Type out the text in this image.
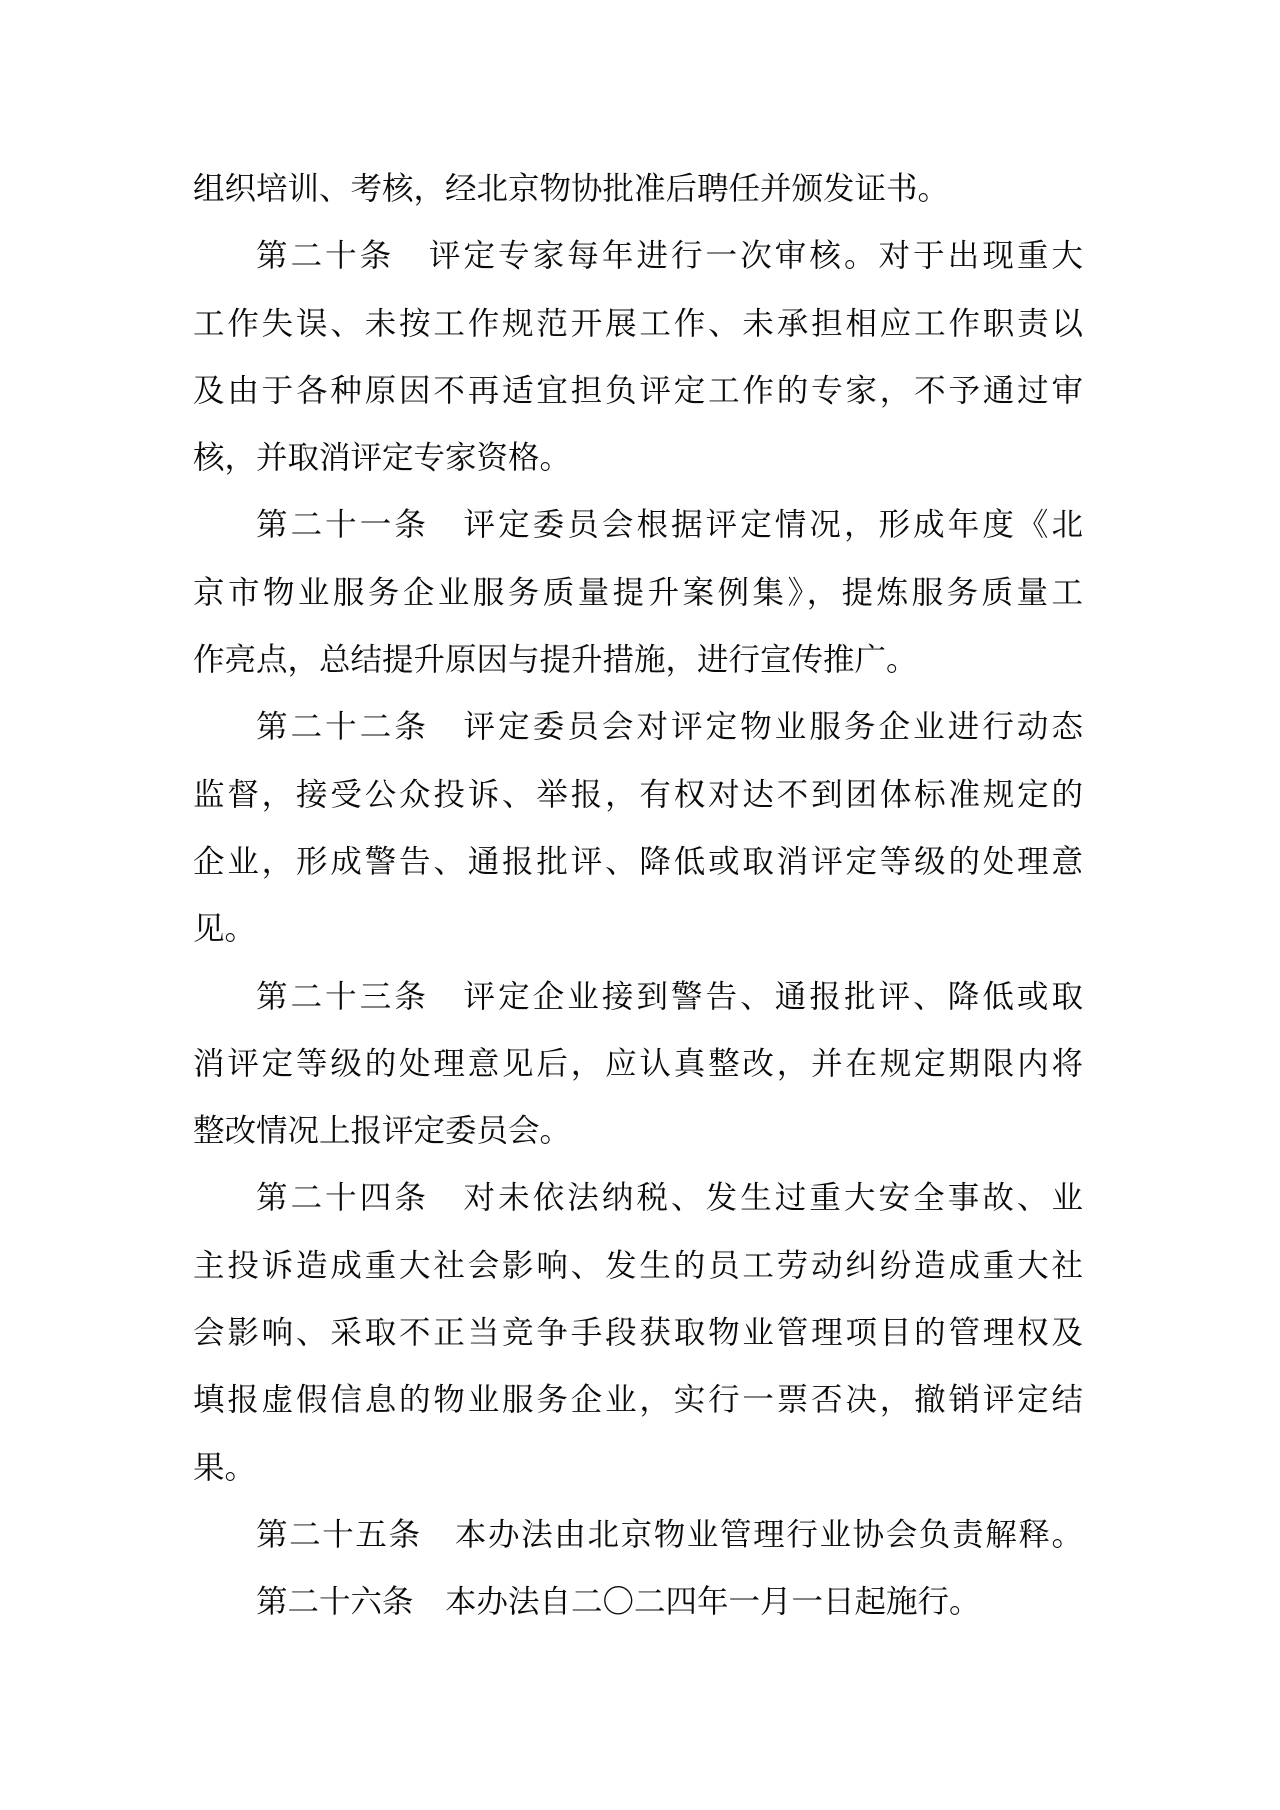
组织培训、考核，经北京物协批准后聘任并颁发证书。
第二十条　评定专家每年进行一次审核。对于出现重大
工作失误、未按工作规范开展工作、未承担相应工作职责以
及由于各种原因不再适宜担负评定工作的专家，不予通过审
核，并取消评定专家资格。
第二十一条　评定委员会根据评定情况，形成年度《北
京市物业服务企业服务质量提升案例集》，提炼服务质量工
作亮点，总结提升原因与提升措施，进行宣传推广。
第二十二条　评定委员会对评定物业服务企业进行动态
监督，接受公众投诉、举报，有权对达不到团体标准规定的
企业，形成警告、通报批评、降低或取消评定等级的处理意
见。
第二十三条　评定企业接到警告、通报批评、降低或取
消评定等级的处理意见后，应认真整改，并在规定期限内将
整改情况上报评定委员会。
第二十四条　对未依法纳税、发生过重大安全事故、业
主投诉造成重大社会影响、发生的员工劳动纠纷造成重大社
会影响、采取不正当竞争手段获取物业管理项目的管理权及
填报虚假信息的物业服务企业，实行一票否决，撤销评定结
果。
第二十五条　本办法由北京物业管理行业协会负责解释。
第二十六条　本办法自二〇二四年一月一日起施行。
